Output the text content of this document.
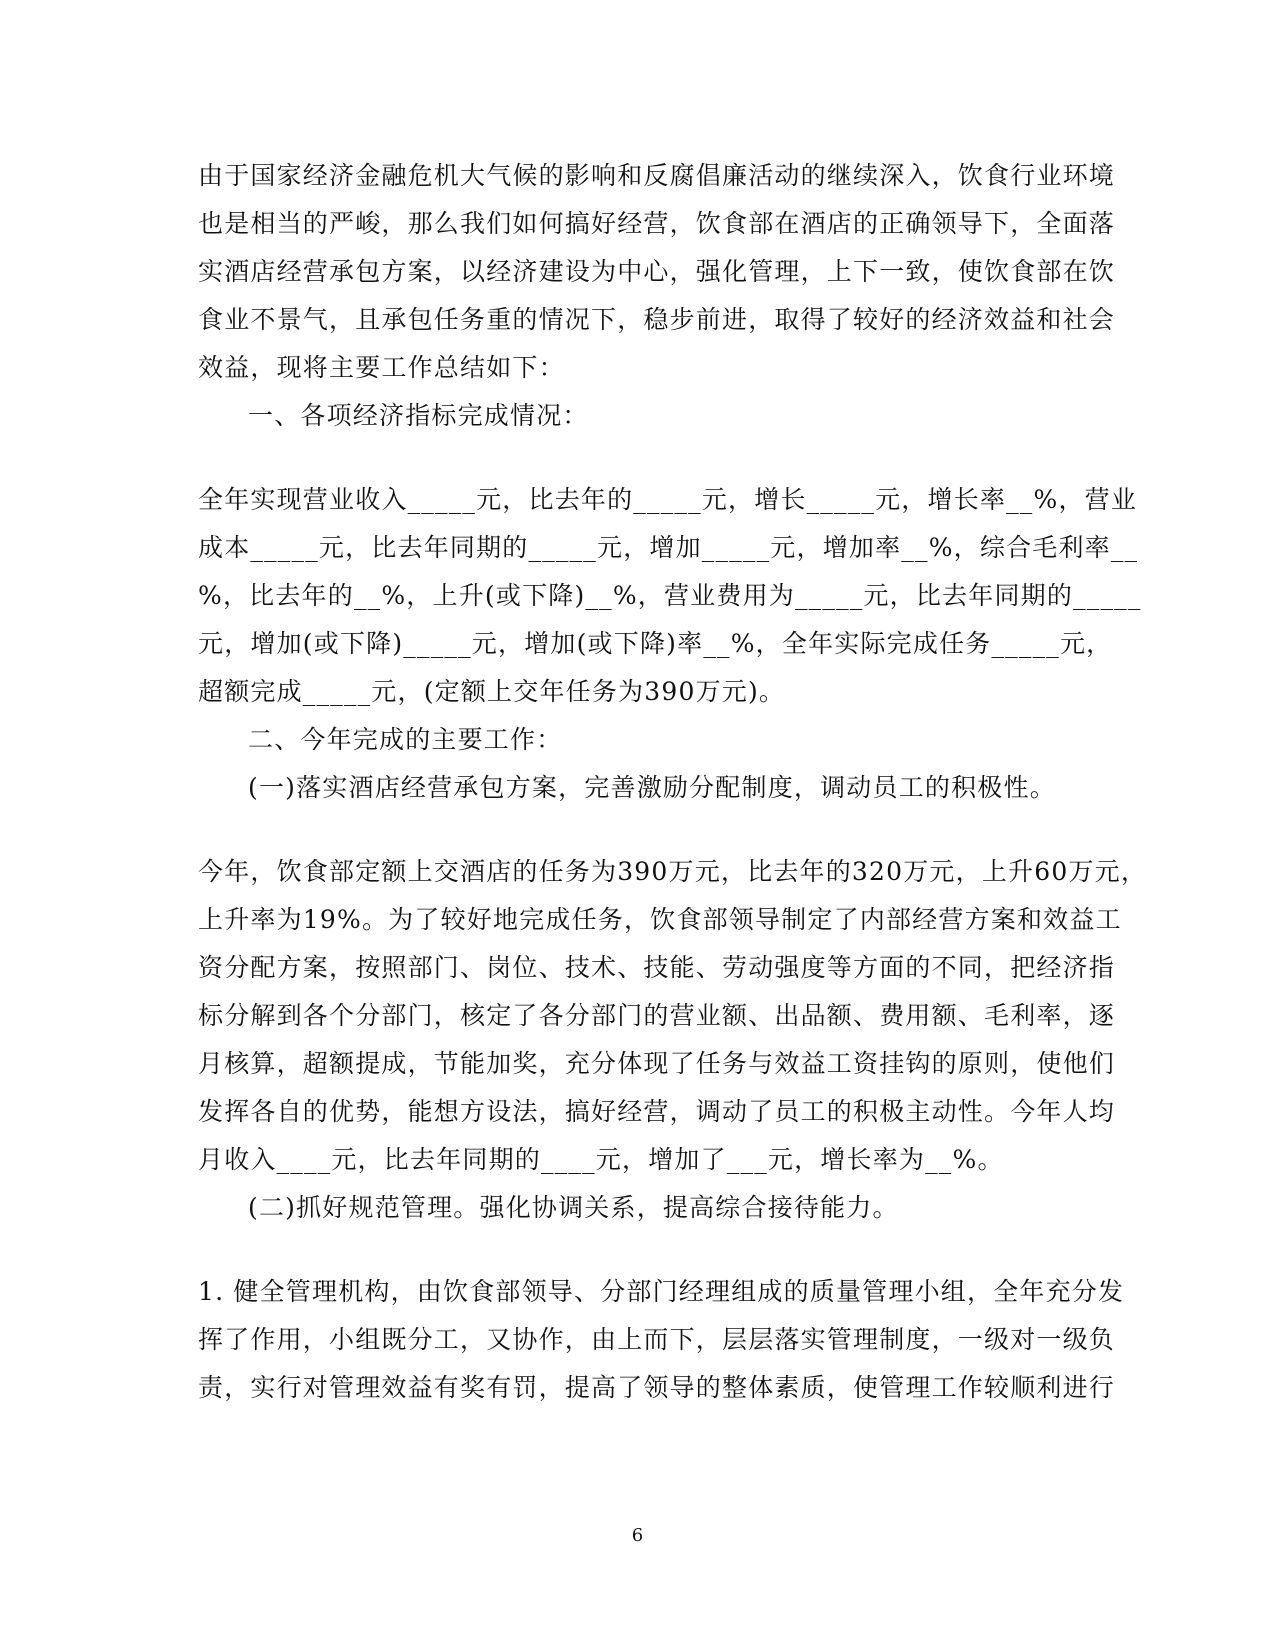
由于国家经济金融危机大气候的影响和反腐倡廉活动的继续深入，饮食行业环境
也是相当的严峻，那么我们如何搞好经营，饮食部在酒店的正确领导下，全面落
实酒店经营承包方案，以经济建设为中心，强化管理，上下一致，使饮食部在饮
食业不景气，且承包任务重的情况下，稳步前进，取得了较好的经济效益和社会
效益，现将主要工作总结如下：
一、各项经济指标完成情况：
全年实现营业收入_____元，比去年的_____元，增长_____元，增长率__%，营业
成本_____元，比去年同期的_____元，增加_____元，增加率__%，综合毛利率__
%，比去年的__%，上升(或下降)__%，营业费用为_____元，比去年同期的_____
元，增加(或下降)_____元，增加(或下降)率__%，全年实际完成任务_____元，
超额完成_____元，(定额上交年任务为390万元)。
二、今年完成的主要工作：
(一)落实酒店经营承包方案，完善激励分配制度，调动员工的积极性。
今年，饮食部定额上交酒店的任务为390万元，比去年的320万元，上升60万元，
上升率为19%。为了较好地完成任务，饮食部领导制定了内部经营方案和效益工
资分配方案，按照部门、岗位、技术、技能、劳动强度等方面的不同，把经济指
标分解到各个分部门，核定了各分部门的营业额、出品额、费用额、毛利率，逐
月核算，超额提成，节能加奖，充分体现了任务与效益工资挂钩的原则，使他们
发挥各自的优势，能想方设法，搞好经营，调动了员工的积极主动性。今年人均
月收入____元，比去年同期的____元，增加了___元，增长率为__%。
(二)抓好规范管理。强化协调关系，提高综合接待能力。
1. 健全管理机构，由饮食部领导、分部门经理组成的质量管理小组，全年充分发
挥了作用，小组既分工，又协作，由上而下，层层落实管理制度，一级对一级负
责，实行对管理效益有奖有罚，提高了领导的整体素质，使管理工作较顺利进行
6
